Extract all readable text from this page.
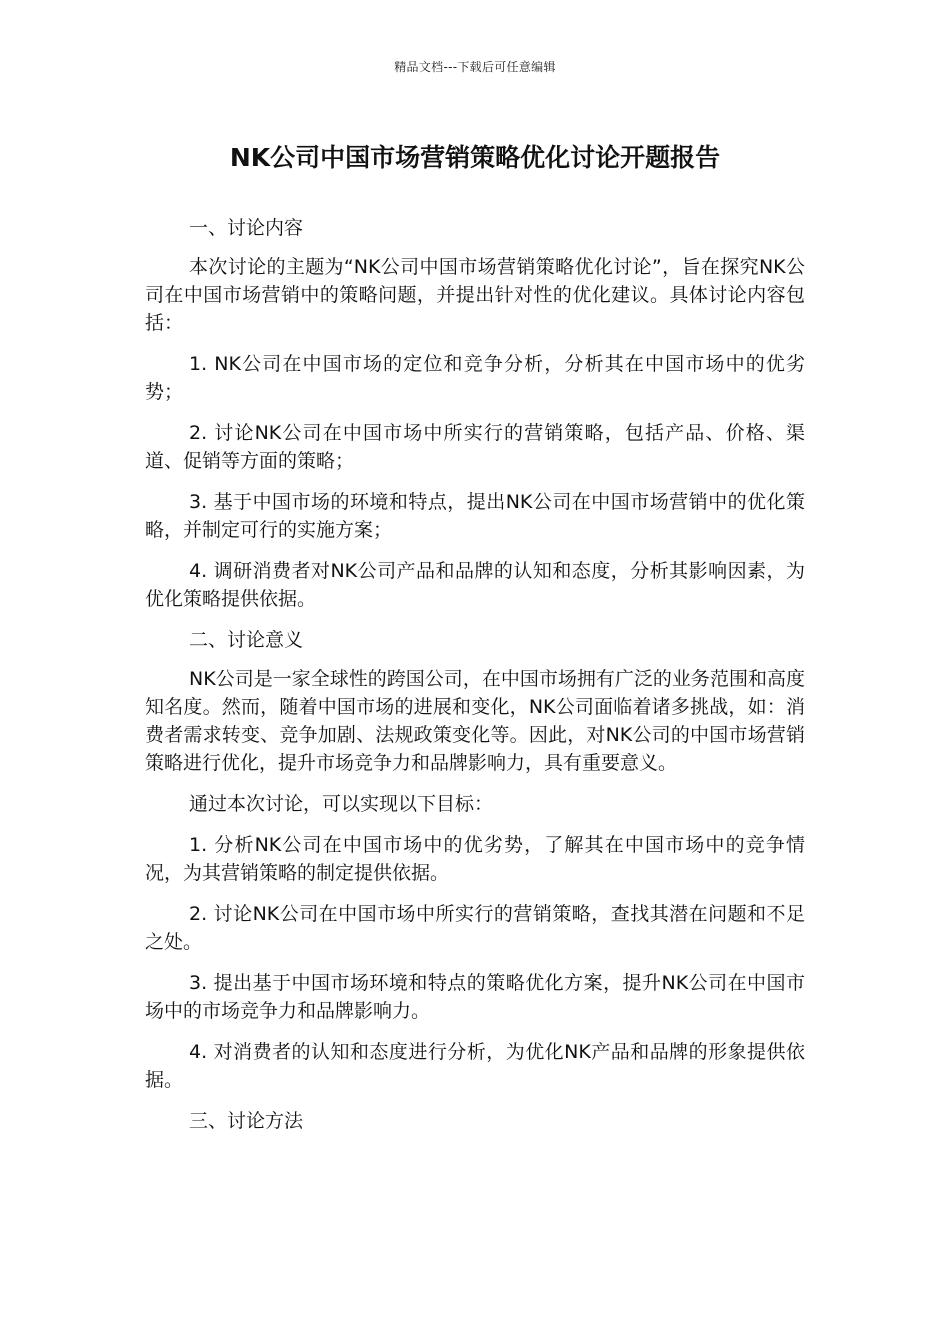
精品文档---下载后可任意编辑
NK公司中国市场营销策略优化讨论开题报告

一、讨论内容

本次讨论的主题为“NK公司中国市场营销策略优化讨论”，旨在探究NK公司在中国市场营销中的策略问题，并提出针对性的优化建议。具体讨论内容包括：

1. NK公司在中国市场的定位和竞争分析，分析其在中国市场中的优劣势；

2. 讨论NK公司在中国市场中所实行的营销策略，包括产品、价格、渠道、促销等方面的策略；

3. 基于中国市场的环境和特点，提出NK公司在中国市场营销中的优化策略，并制定可行的实施方案；

4. 调研消费者对NK公司产品和品牌的认知和态度，分析其影响因素，为优化策略提供依据。

二、讨论意义

NK公司是一家全球性的跨国公司，在中国市场拥有广泛的业务范围和高度知名度。然而，随着中国市场的进展和变化，NK公司面临着诸多挑战，如：消费者需求转变、竞争加剧、法规政策变化等。因此，对NK公司的中国市场营销策略进行优化，提升市场竞争力和品牌影响力，具有重要意义。

通过本次讨论，可以实现以下目标：

1. 分析NK公司在中国市场中的优劣势，了解其在中国市场中的竞争情况，为其营销策略的制定提供依据。

2. 讨论NK公司在中国市场中所实行的营销策略，查找其潜在问题和不足之处。

3. 提出基于中国市场环境和特点的策略优化方案，提升NK公司在中国市场中的市场竞争力和品牌影响力。

4. 对消费者的认知和态度进行分析，为优化NK产品和品牌的形象提供依据。

三、讨论方法
